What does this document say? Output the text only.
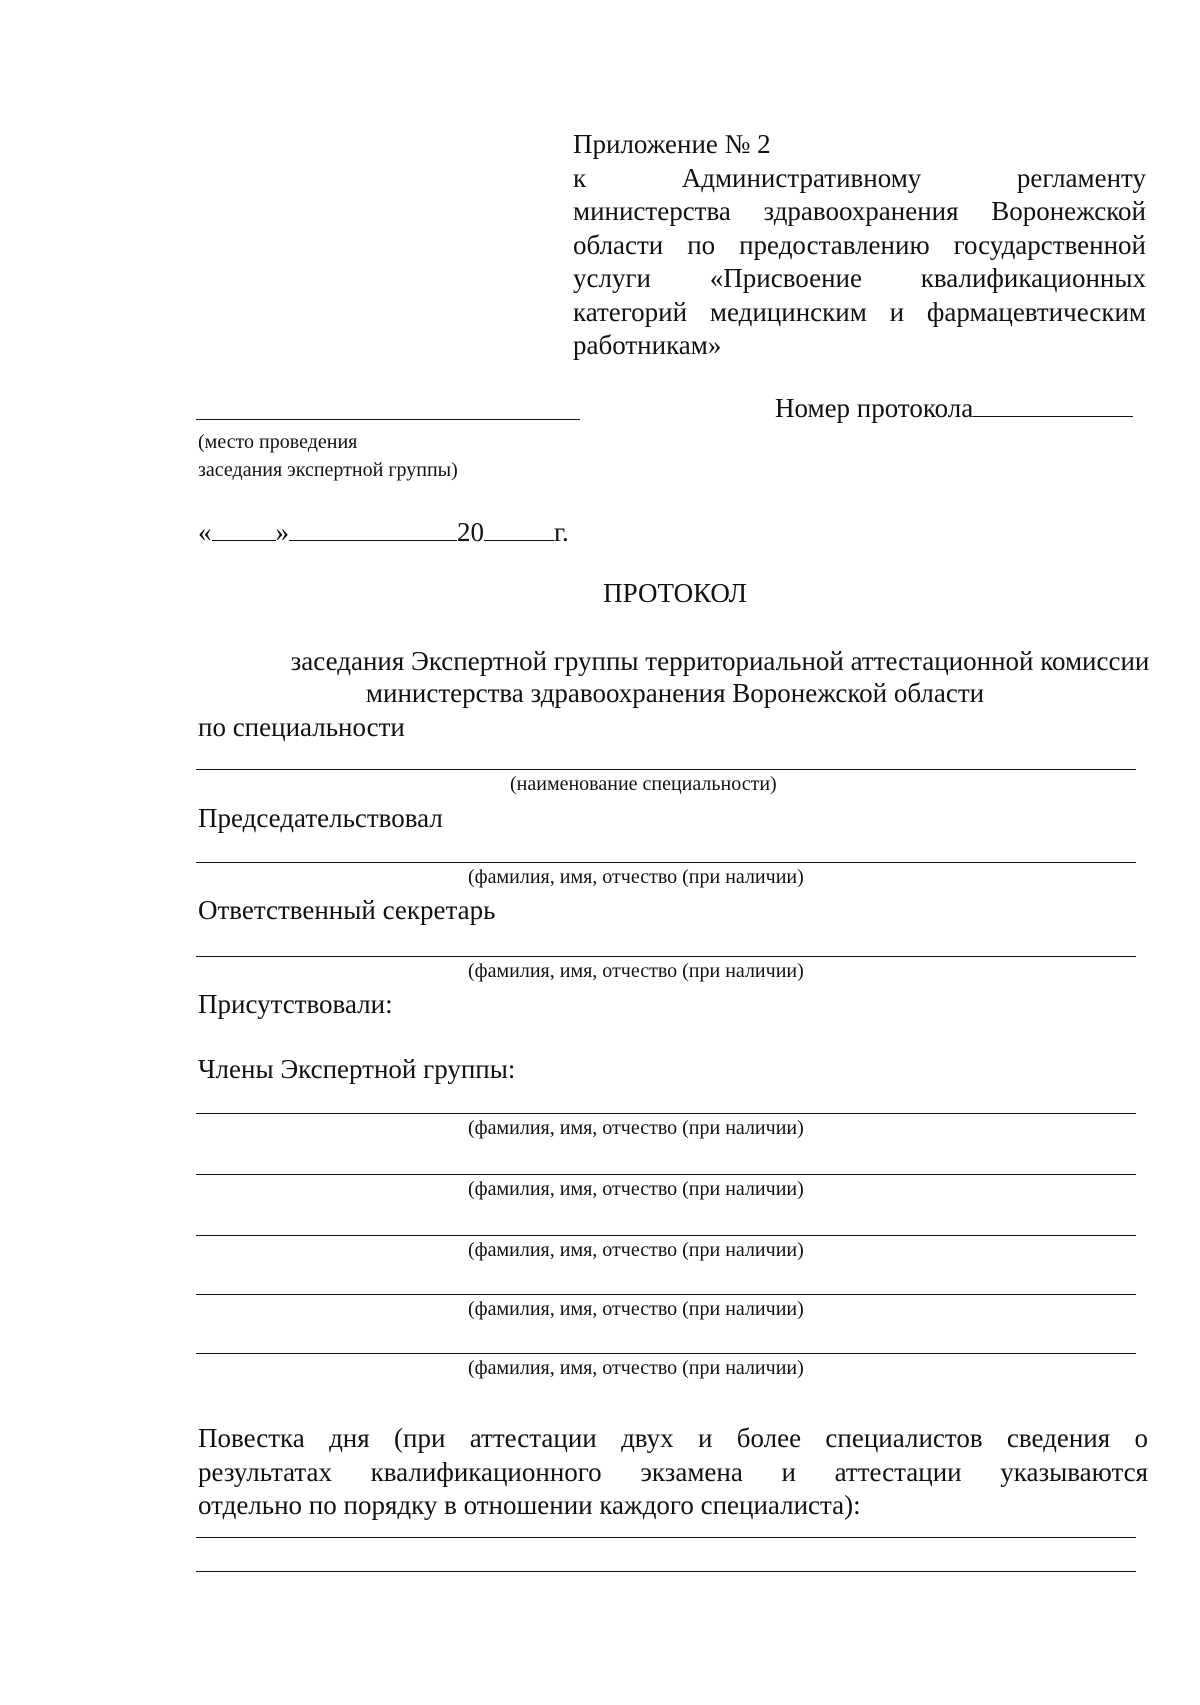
Приложение № 2
к Административному регламенту
министерства здравоохранения Воронежской
области по предоставлению государственной
услуги «Присвоение квалификационных
категорий медицинским и фармацевтическим
работникам»
(место проведения
заседания экспертной группы)
Номер протокола
« »	20	г.
ПРОТОКОЛ
заседания Экспертной группы территориальной аттестационной комиссии
министерства здравоохранения Воронежской области
по специальности
(наименование специальности)
Председательствовал
(фамилия, имя, отчество (при наличии)
Ответственный секретарь
(фамилия, имя, отчество (при наличии)
Присутствовали:
Члены Экспертной группы:
(фамилия, имя, отчество (при наличии)
(фамилия, имя, отчество (при наличии)
(фамилия, имя, отчество (при наличии)
(фамилия, имя, отчество (при наличии)
(фамилия, имя, отчество (при наличии)
Повестка дня (при аттестации двух и более специалистов сведения о
результатах квалификационного экзамена и аттестации указываются
отдельно по порядку в отношении каждого специалиста):
